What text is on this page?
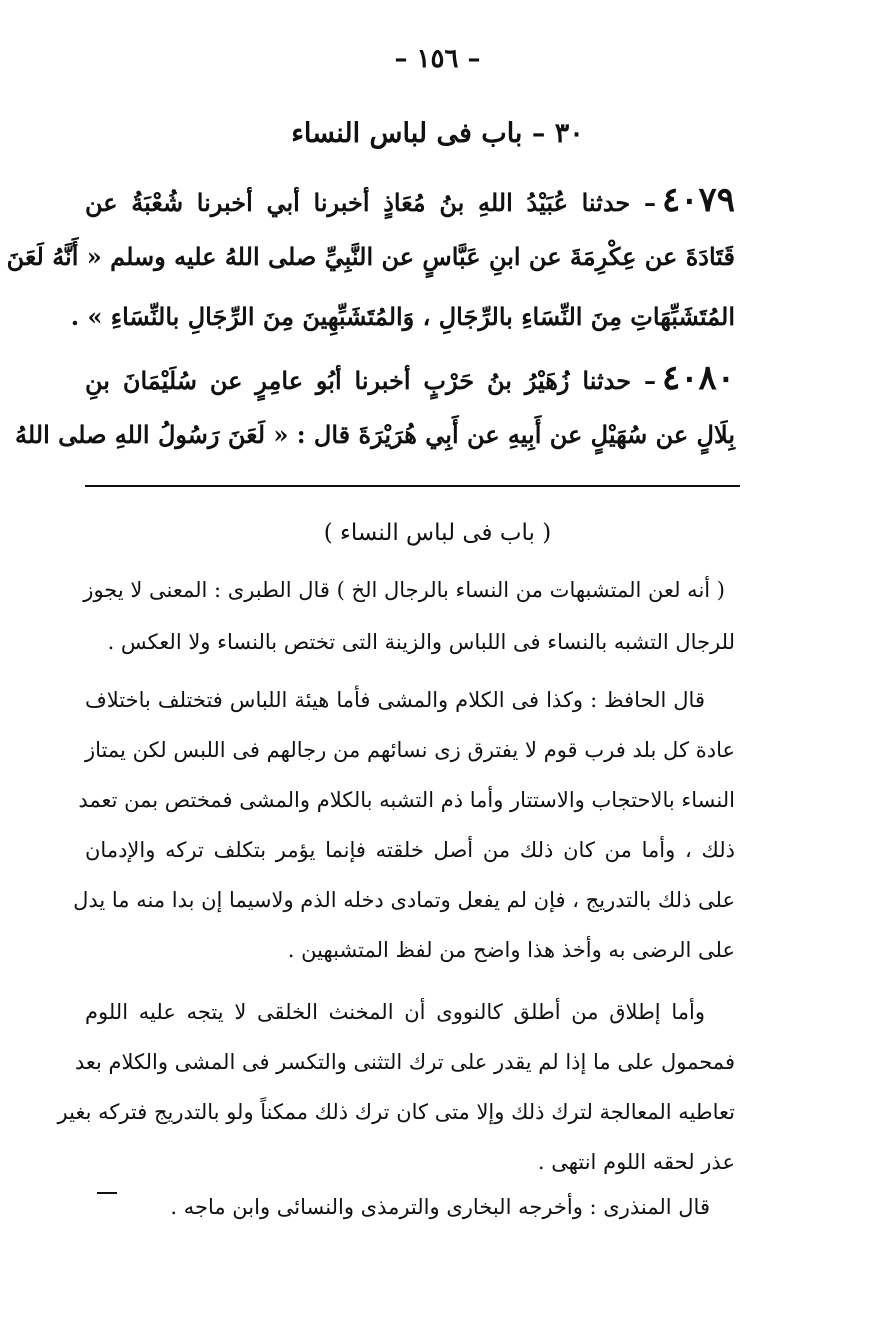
– ١٥٦ –
٣٠ – باب فى لباس النساء
٤٠٧٩– حدثنا عُبَيْدُ اللهِ بنُ مُعَاذٍ أخبرنا أبي أخبرنا شُعْبَةُ عن
قَتَادَةَ عن عِكْرِمَةَ عن ابنِ عَبَّاسٍ عن النَّبِيِّ صلى اللهُ عليه وسلم « أَنَّهُ لَعَنَ
المُتَشَبِّهَاتِ مِنَ النِّسَاءِ بالرِّجَالِ ، وَالمُتَشَبِّهِينَ مِنَ الرِّجَالِ بالنِّسَاءِ » .
٤٠٨٠– حدثنا زُهَيْرُ بنُ حَرْبٍ أخبرنا أبُو عامِرٍ عن سُلَيْمَانَ بنِ
بِلَالٍ عن سُهَيْلٍ عن أَبِيهِ عن أَبِي هُرَيْرَةَ قال : « لَعَنَ رَسُولُ اللهِ صلى اللهُ
( باب فى لباس النساء )
( أنه لعن المتشبهات من النساء بالرجال الخ ) قال الطبرى : المعنى لا يجوز
للرجال التشبه بالنساء فى اللباس والزينة التى تختص بالنساء ولا العكس .
قال الحافظ : وكذا فى الكلام والمشى فأما هيئة اللباس فتختلف باختلاف
عادة كل بلد فرب قوم لا يفترق زى نسائهم من رجالهم فى اللبس لكن يمتاز
النساء بالاحتجاب والاستتار وأما ذم التشبه بالكلام والمشى فمختص بمن تعمد
ذلك ، وأما من كان ذلك من أصل خلقته فإنما يؤمر بتكلف تركه والإدمان
على ذلك بالتدريج ، فإن لم يفعل وتمادى دخله الذم ولاسيما إن بدا منه ما يدل
على الرضى به وأخذ هذا واضح من لفظ المتشبهين .
وأما إطلاق من أطلق كالنووى أن المخنث الخلقى لا يتجه عليه اللوم
فمحمول على ما إذا لم يقدر على ترك التثنى والتكسر فى المشى والكلام بعد
تعاطيه المعالجة لترك ذلك وإلا متى كان ترك ذلك ممكناً ولو بالتدريج فتركه بغير
عذر لحقه اللوم انتهى .
قال المنذرى : وأخرجه البخارى والترمذى والنسائى وابن ماجه .
